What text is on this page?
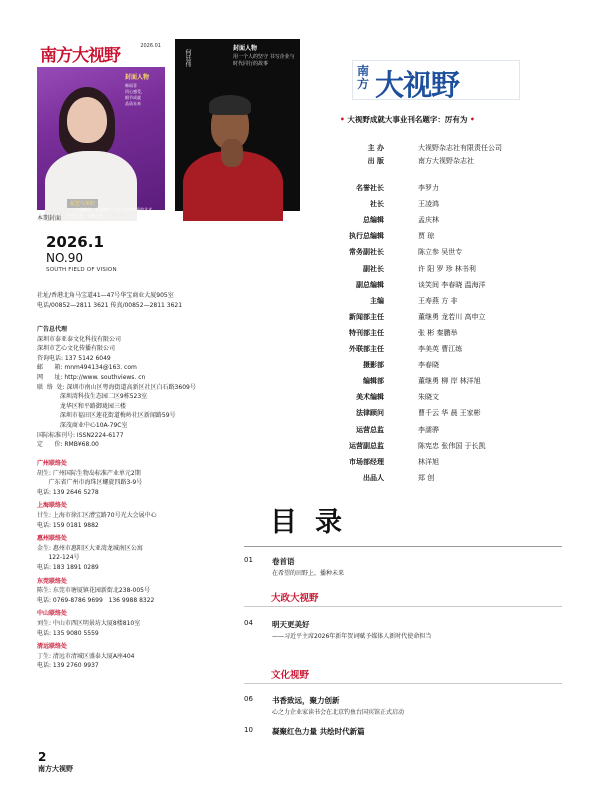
南方大视野	2026.01
封面人物
韩雨菲
用心感受，
细节成就
品质未来
花艺与美好
——大美新语，花间的尚 小台与自然写意的艺术 生活之美，心象之间
何廷伟
封面人物
用一个人的坚守 书写企业与时代同行的故事
本期封面
2026.1
NO.90
SOUTH FIELD OF VISION
社址/香港北角马宝道41—47号华宝商业大厦905室
电话/00852—2811 3621 传真/00852—2811 3621
广告总代理
深圳市泰亚泰文化科技有限公司
深圳市艺心文化传播有限公司
咨询电话: 137 5142 6049
邮      箱: mnm494134@163. com
网      址: http://www. southviews. cn
联  络  处: 深圳市南山区粤海街道高新区社区白石路3609号
深圳湾科技生态园二区9栋523室
龙华区和平路御珑园三楼
深圳市福田区莲花街道梅岭社区新闻路59号
深茂商业中心10A-79C室
国际标准刊号: ISSN2224-6177
定      价: RMB¥68.00
广州联络处
胡生: 广州国际生物岛标准产业单元2期
广东省广州市海珠区螺旋四路3-9号
电话: 139 2646 5278
上海联络处
甘生: 上海市徐汇区漕宝路70号光大会展中心
电话: 159 0181 9882
惠州联络处
金生: 惠州市惠阳区大亚湾龙城南区公寓
122-124号
电话: 183 1891 0289
东莞联络处
陈生: 东莞市塘厦镇花园新街北238-005号
电话: 0769-8786 9699   136 9988 8322
中山联络处
刘生: 中山市西区明景坊大厦8楼810室
电话: 135 9080 5559
清远联络处
丁生: 清远市清城区盛泰大厦A座404
电话: 139 2760 9937
南方 大视野
• 大视野成就大事业刊名题字：厉有为 •
主 办	大视野杂志社有限责任公司
出 版	南方大视野杂志社
名誉社长	李罗力
社长	王凌鸿
总编辑	孟庆林
执行总编辑	贾 琼
常务副社长	陈立参 吴世专
副社长	许 阳 罗 珍 林书利
副总编辑	谈笑间 李春晓 温海洋
主编	王寿燕 方 非
新闻部主任	董继勇 龙若川 高申立
特刊部主任	张 彬 秦鹏举
外联部主任	李美英 曹江练
摄影部	李春晓
编辑部	董继勇 柳 岸 林洋旭
美术编辑	朱晓文
法律顾问	曹千云 华 晨 王家彬
运营总监	李濡骅
运营副总监	陈宪忠 张伟国 于长凯
市场部经理	林洋旭
出品人	郑 创
目录
01	卷首语
在希望的田野上，播种未来
大政大视野
04	明天更美好
——习近平主席2026年新年贺词赋予媒体人新时代使命担当
文化视野
06	书香致远，聚力创新
心之力企业家读书会在北京钓鱼台国宾馆正式启动
10	凝聚红色力量 共绘时代新篇
2
南方大视野
